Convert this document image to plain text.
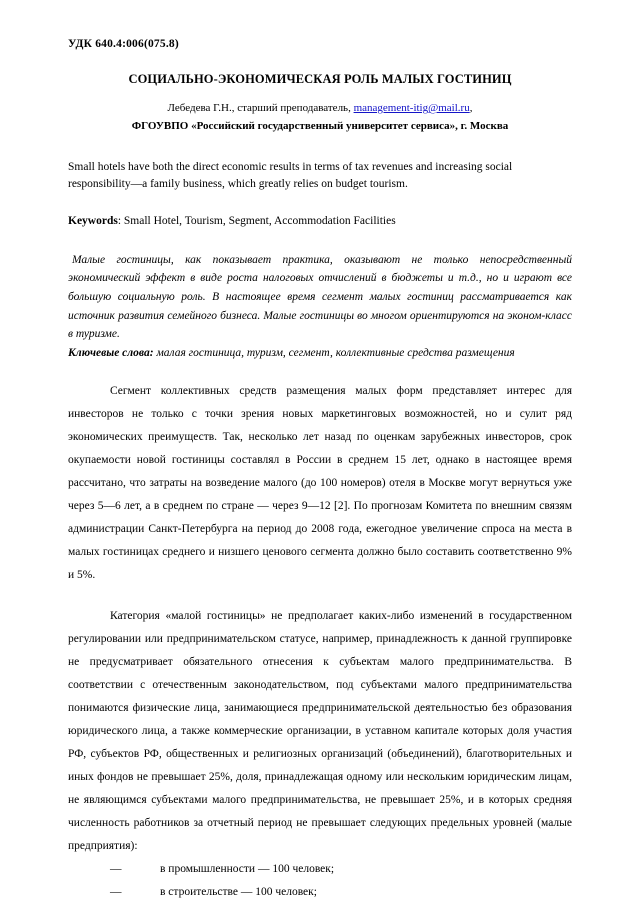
УДК 640.4:006(075.8)
СОЦИАЛЬНО-ЭКОНОМИЧЕСКАЯ РОЛЬ МАЛЫХ ГОСТИНИЦ
Лебедева Г.Н., старший преподаватель, management-itig@mail.ru,
ФГОУВПО «Российский государственный университет сервиса», г. Москва

Small hotels have both the direct economic results in terms of tax revenues and increasing social responsibility—a family business, which greatly relies on budget tourism.

Keywords: Small Hotel, Tourism, Segment, Accommodation Facilities

Малые гостиницы, как показывает практика, оказывают не только непосредственный экономический эффект в виде роста налоговых отчислений в бюджеты и т.д., но и играют все большую социальную роль. В настоящее время сегмент малых гостиниц рассматривается как источник развития семейного бизнеса. Малые гостиницы во многом ориентируются на эконом-класс в туризме.

Ключевые слова: малая гостиница, туризм, сегмент, коллективные средства размещения

Сегмент коллективных средств размещения малых форм представляет интерес для инвесторов не только с точки зрения новых маркетинговых возможностей, но и сулит ряд экономических преимуществ. Так, несколько лет назад по оценкам зарубежных инвесторов, срок окупаемости новой гостиницы составлял в России в среднем 15 лет, однако в настоящее время рассчитано, что затраты на возведение малого (до 100 номеров) отеля в Москве могут вернуться уже через 5—6 лет, а в среднем по стране — через 9—12 [2]. По прогнозам Комитета по внешним связям администрации Санкт-Петербурга на период до 2008 года, ежегодное увеличение спроса на места в малых гостиницах среднего и низшего ценового сегмента должно было составить соответственно 9% и 5%.

Категория «малой гостиницы» не предполагает каких-либо изменений в государственном регулировании или предпринимательском статусе, например, принадлежность к данной группировке не предусматривает обязательного отнесения к субъектам малого предпринимательства. В соответствии с отечественным законодательством, под субъектами малого предпринимательства понимаются физические лица, занимающиеся предпринимательской деятельностью без образования юридического лица, а также коммерческие организации, в уставном капитале которых доля участия РФ, субъектов РФ, общественных и религиозных организаций (объединений), благотворительных и иных фондов не превышает 25%, доля, принадлежащая одному или нескольким юридическим лицам, не являющимся субъектами малого предпринимательства, не превышает 25%, и в которых средняя численность работников за отчетный период не превышает следующих предельных уровней (малые предприятия):

—	в промышленности — 100 человек;
—	в строительстве — 100 человек;
